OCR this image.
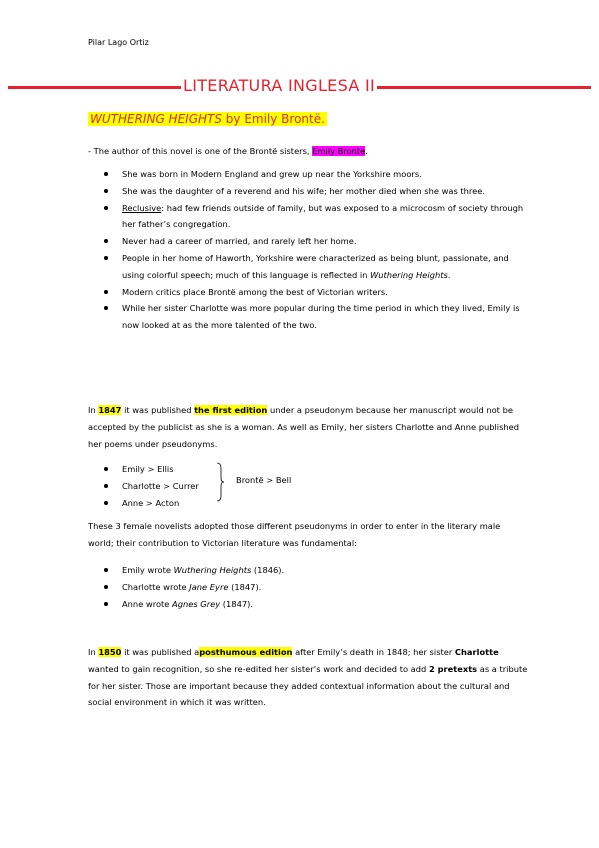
Pilar Lago Ortiz
LITERATURA INGLESA II
WUTHERING HEIGHTS by Emily Brontë.
- The author of this novel is one of the Brontë sisters, Emily Bronte.
She was born in Modern England and grew up near the Yorkshire moors.
She was the daughter of a reverend and his wife; her mother died when she was three.
Reclusive: had few friends outside of family, but was exposed to a microcosm of society through her father’s congregation.
Never had a career of married, and rarely left her home.
People in her home of Haworth, Yorkshire were characterized as being blunt, passionate, and using colorful speech; much of this language is reflected in Wuthering Heights.
Modern critics place Brontë among the best of Victorian writers.
While her sister Charlotte was more popular during the time period in which they lived, Emily is now looked at as the more talented of the two.
In 1847 it was published the first edition under a pseudonym because her manuscript would not be accepted by the publicist as she is a woman. As well as Emily, her sisters Charlotte and Anne published her poems under pseudonyms.
Emily > Ellis
Charlotte > Currer
Anne > Acton
Brontë > Bell
These 3 female novelists adopted those different pseudonyms in order to enter in the literary male world; their contribution to Victorian literature was fundamental:
Emily wrote Wuthering Heights (1846).
Charlotte wrote Jane Eyre (1847).
Anne wrote Agnes Grey (1847).
In 1850 it was published aposthumous edition after Emily’s death in 1848; her sister Charlotte wanted to gain recognition, so she re-edited her sister’s work and decided to add 2 pretexts as a tribute for her sister. Those are important because they added contextual information about the cultural and social environment in which it was written.
